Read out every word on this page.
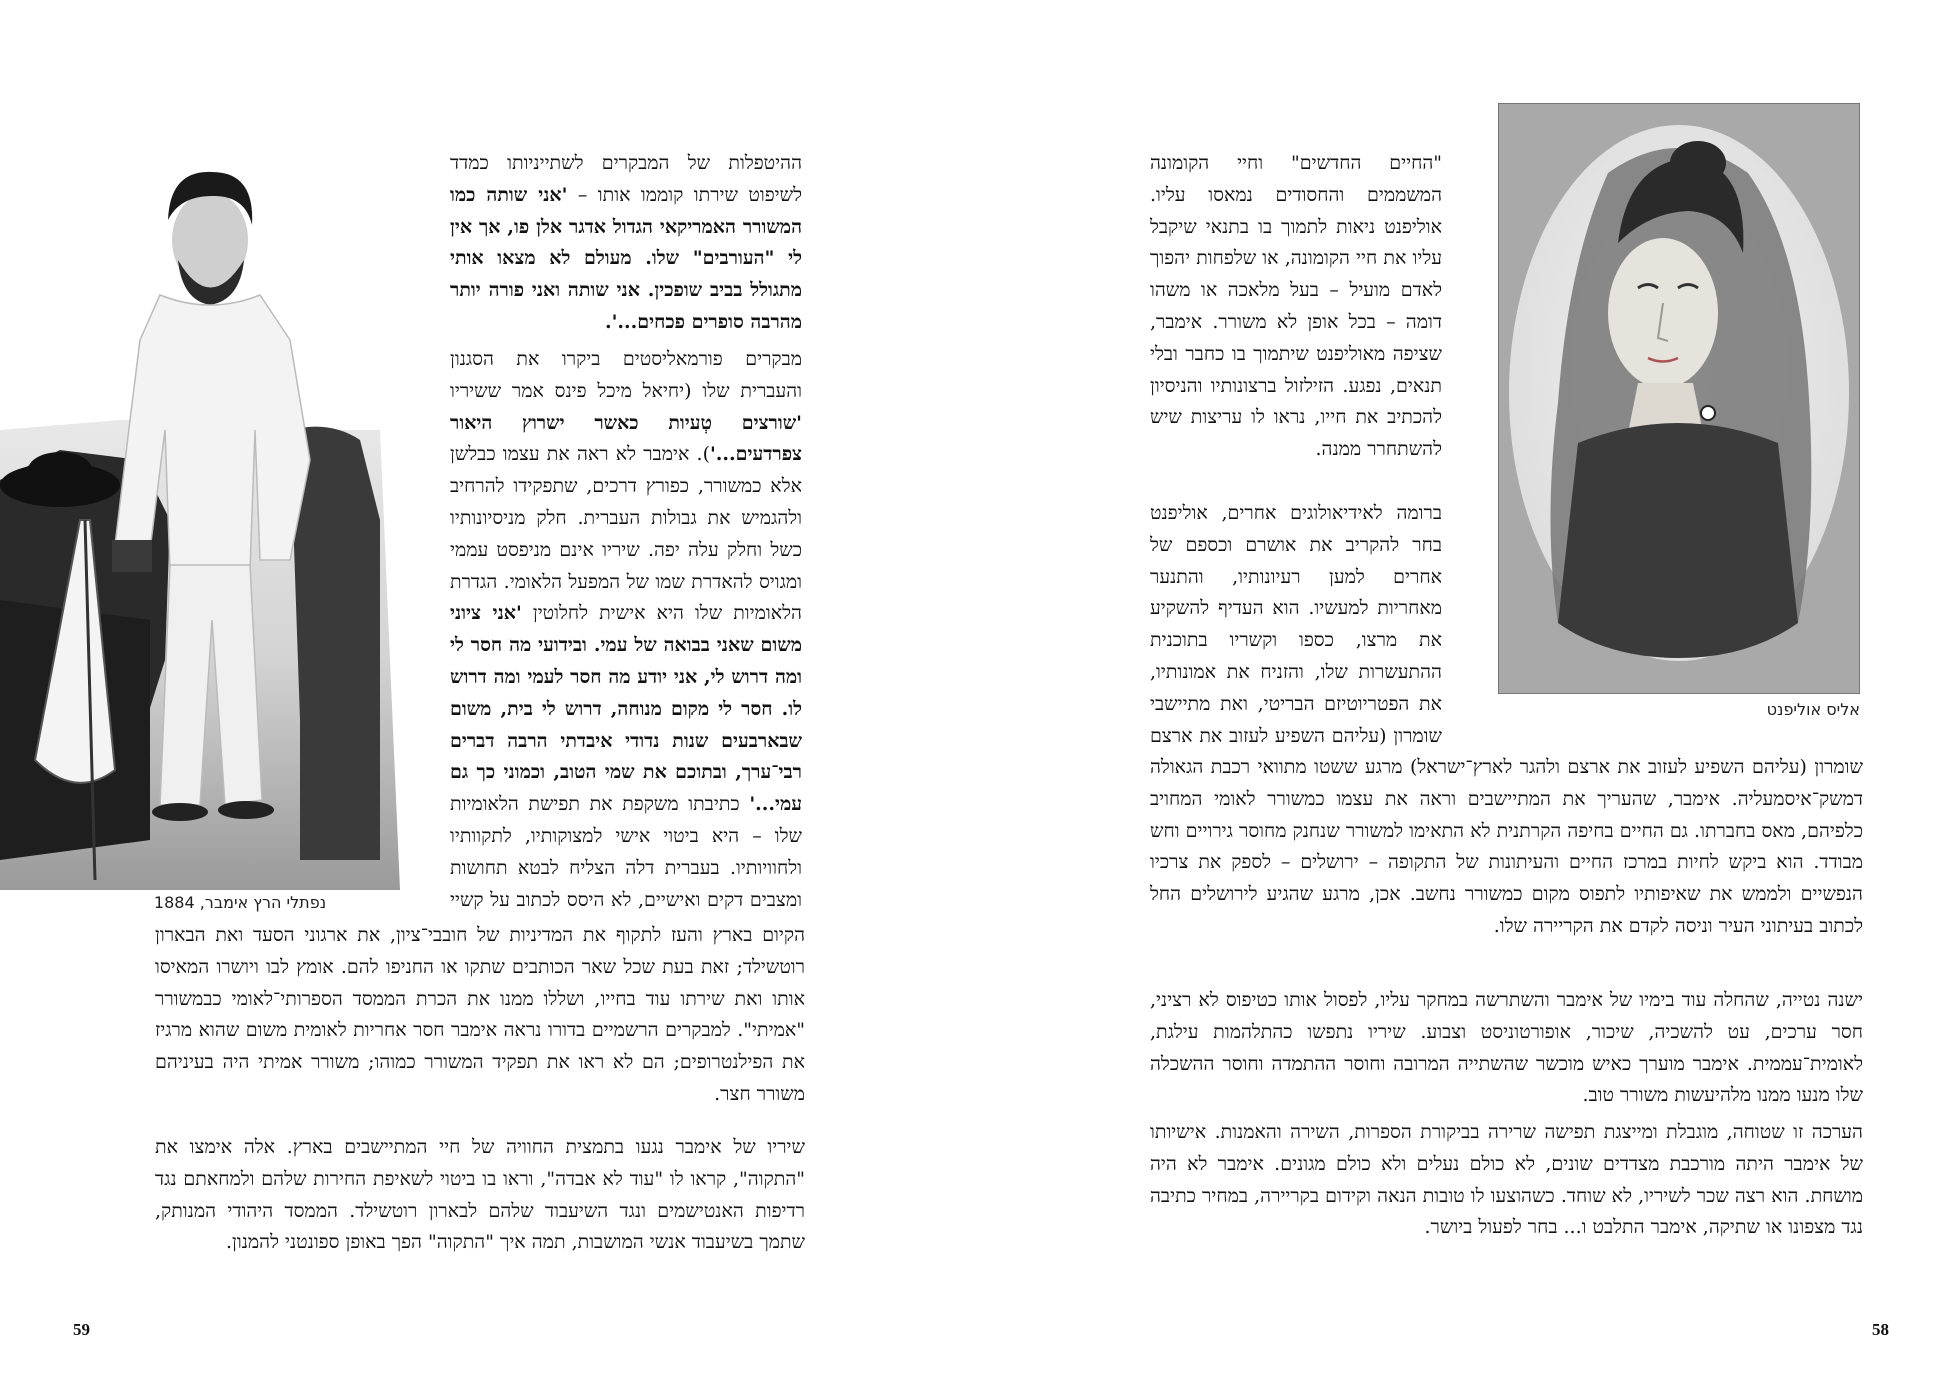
נפתלי הרץ אימבר, 1884

ההיטפלות של המבקרים לשתייניותו כמדד לשיפוט שירתו קוממו אותו – 'אני שותה כמו המשורר האמריקאי הגדול אדגר אלן פו, אך אין לי "העורבים" שלו. מעולם לא מצאו אותי מתגולל בביב שופכין. אני שותה ואני פורה יותר מהרבה סופרים פכחים...'.

מבקרים פורמאליסטים ביקרו את הסגנון והעברית שלו (יחיאל מיכל פינס אמר ששיריו 'שורצים טְעיות כאשר ישרוץ היאור צפרדעים...'). אימבר לא ראה את עצמו כבלשן אלא כמשורר, כפורץ דרכים, שתפקידו להרחיב ולהגמיש את גבולות העברית. חלק מניסיונותיו כשל וחלק עלה יפה. שיריו אינם מניפסט עממי ומגויס להאדרת שמו של המפעל הלאומי. הגדרת הלאומיות שלו היא אישית לחלוטין 'אני ציוני משום שאני בבואה של עמי. ובידועי מה חסר לי ומה דרוש לי, אני יודע מה חסר לעמי ומה דרוש לו. חסר לי מקום מנוחה, דרוש לי בית, משום שבארבעים שנות נדודי איבדתי הרבה דברים רבי־ערך, ובתוכם את שמי הטוב, וכמוני כך גם עמי...' כתיבתו משקפת את תפישת הלאומיות שלו – היא ביטוי אישי למצוקותיו, לתקוותיו ולחוויותיו. בעברית דלה הצליח לבטא תחושות ומצבים דקים ואישיים, לא היסס לכתוב על קשיי

הקיום בארץ והעז לתקוף את המדיניות של חובבי־ציון, את ארגוני הסעד ואת הבארון רוטשילד; זאת בעת שכל שאר הכותבים שתקו או החניפו להם. אומץ לבו ויושרו המאיסו אותו ואת שירתו עוד בחייו, ושללו ממנו את הכרת הממסד הספרותי־לאומי כבמשורר "אמיתי". למבקרים הרשמיים בדורו נראה אימבר חסר אחריות לאומית משום שהוא מרגיז את הפילנטרופים; הם לא ראו את תפקיד המשורר כמוהו; משורר אמיתי היה בעיניהם משורר חצר.

שיריו של אימבר נגעו בתמצית החוויה של חיי המתיישבים בארץ. אלה אימצו את "התקוה", קראו לו "עוד לא אבדה", וראו בו ביטוי לשאיפת החירות שלהם ולמחאתם נגד רדיפות האנטישמים ונגד השיעבוד שלהם לבארון רוטשילד. הממסד היהודי המנותק, שתמך בשיעבוד אנשי המושבות, תמה איך "התקוה" הפך באופן ספונטני להמנון.

59
אליס אוליפנט

"החיים החדשים" וחיי הקומונה המשממים והחסודים נמאסו עליו. אוליפנט ניאות לתמוך בו בתנאי שיקבל עליו את חיי הקומונה, או שלפחות יהפוך לאדם מועיל – בעל מלאכה או משהו דומה – בכל אופן לא משורר. אימבר, שציפה מאוליפנט שיתמוך בו כחבר ובלי תנאים, נפגע. הזילזול ברצונותיו והניסיון להכתיב את חייו, נראו לו עריצות שיש להשתחרר ממנה.

ברומה לאידיאולוגים אחרים, אוליפנט בחר להקריב את אושרם וכספם של אחרים למען רעיונותיו, והתנער מאחריות למעשיו. הוא העדיף להשקיע את מרצו, כספו וקשריו בתוכנית ההתעשרות שלו, והזניח את אמונותיו, את הפטריוטיזם הבריטי, ואת מתיישבי שומרון (עליהם השפיע לעזוב את ארצם

שומרון (עליהם השפיע לעזוב את ארצם ולהגר לארץ־ישראל) מרגע ששטו מתוואי רכבת הגאולה דמשק־איסמעליה. אימבר, שהעריך את המתיישבים וראה את עצמו כמשורר לאומי המחויב כלפיהם, מאס בחברתו. גם החיים בחיפה הקרתנית לא התאימו למשורר שנחנק מחוסר גירויים וחש מבודד. הוא ביקש לחיות במרכז החיים והעיתונות של התקופה – ירושלים – לספק את צרכיו הנפשיים ולממש את שאיפותיו לתפוס מקום כמשורר נחשב. אכן, מרגע שהגיע לירושלים החל לכתוב בעיתוני העיר וניסה לקדם את הקריירה שלו.

ישנה נטייה, שהחלה עוד בימיו של אימבר והשתרשה במחקר עליו, לפסול אותו כטיפוס לא רציני, חסר ערכים, עט להשכיה, שיכור, אופורטוניסט וצבוע. שיריו נתפשו כהתלהמות עילגת, לאומית־עממית. אימבר מוערך כאיש מוכשר שהשתייה המרובה וחוסר ההתמדה וחוסר ההשכלה שלו מנעו ממנו מלהיעשות משורר טוב.

הערכה זו שטוחה, מוגבלת ומייצגת תפישה שרירה בביקורת הספרות, השירה והאמנות. אישיותו של אימבר היתה מורכבת מצדדים שונים, לא כולם נעלים ולא כולם מגונים. אימבר לא היה מושחת. הוא רצה שכר לשיריו, לא שוחד. כשהוצעו לו טובות הנאה וקידום בקריירה, במחיר כתיבה נגד מצפונו או שתיקה, אימבר התלבט ו... בחר לפעול ביושר.

58
